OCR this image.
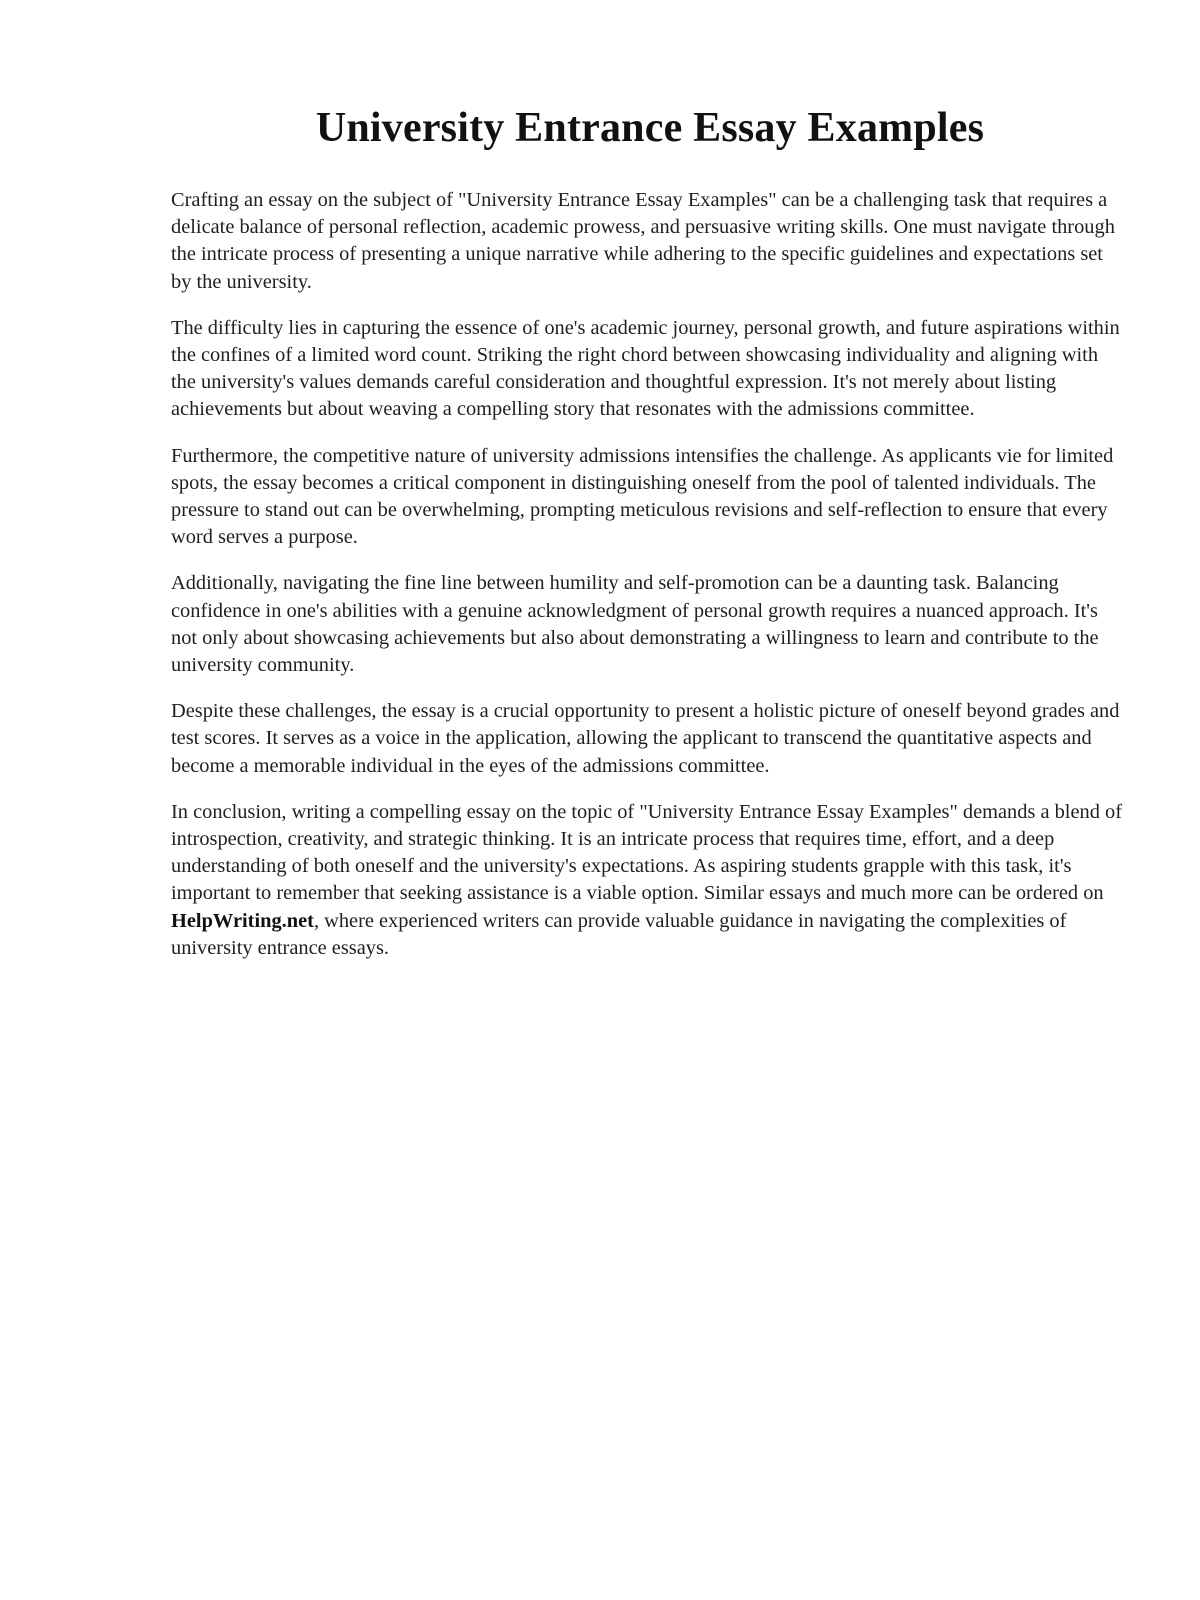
University Entrance Essay Examples

Crafting an essay on the subject of "University Entrance Essay Examples" can be a challenging task that requires a delicate balance of personal reflection, academic prowess, and persuasive writing skills. One must navigate through the intricate process of presenting a unique narrative while adhering to the specific guidelines and expectations set by the university.

The difficulty lies in capturing the essence of one's academic journey, personal growth, and future aspirations within the confines of a limited word count. Striking the right chord between showcasing individuality and aligning with the university's values demands careful consideration and thoughtful expression. It's not merely about listing achievements but about weaving a compelling story that resonates with the admissions committee.

Furthermore, the competitive nature of university admissions intensifies the challenge. As applicants vie for limited spots, the essay becomes a critical component in distinguishing oneself from the pool of talented individuals. The pressure to stand out can be overwhelming, prompting meticulous revisions and self-reflection to ensure that every word serves a purpose.

Additionally, navigating the fine line between humility and self-promotion can be a daunting task. Balancing confidence in one's abilities with a genuine acknowledgment of personal growth requires a nuanced approach. It's not only about showcasing achievements but also about demonstrating a willingness to learn and contribute to the university community.

Despite these challenges, the essay is a crucial opportunity to present a holistic picture of oneself beyond grades and test scores. It serves as a voice in the application, allowing the applicant to transcend the quantitative aspects and become a memorable individual in the eyes of the admissions committee.

In conclusion, writing a compelling essay on the topic of "University Entrance Essay Examples" demands a blend of introspection, creativity, and strategic thinking. It is an intricate process that requires time, effort, and a deep understanding of both oneself and the university's expectations. As aspiring students grapple with this task, it's important to remember that seeking assistance is a viable option. Similar essays and much more can be ordered on HelpWriting.net, where experienced writers can provide valuable guidance in navigating the complexities of university entrance essays.
